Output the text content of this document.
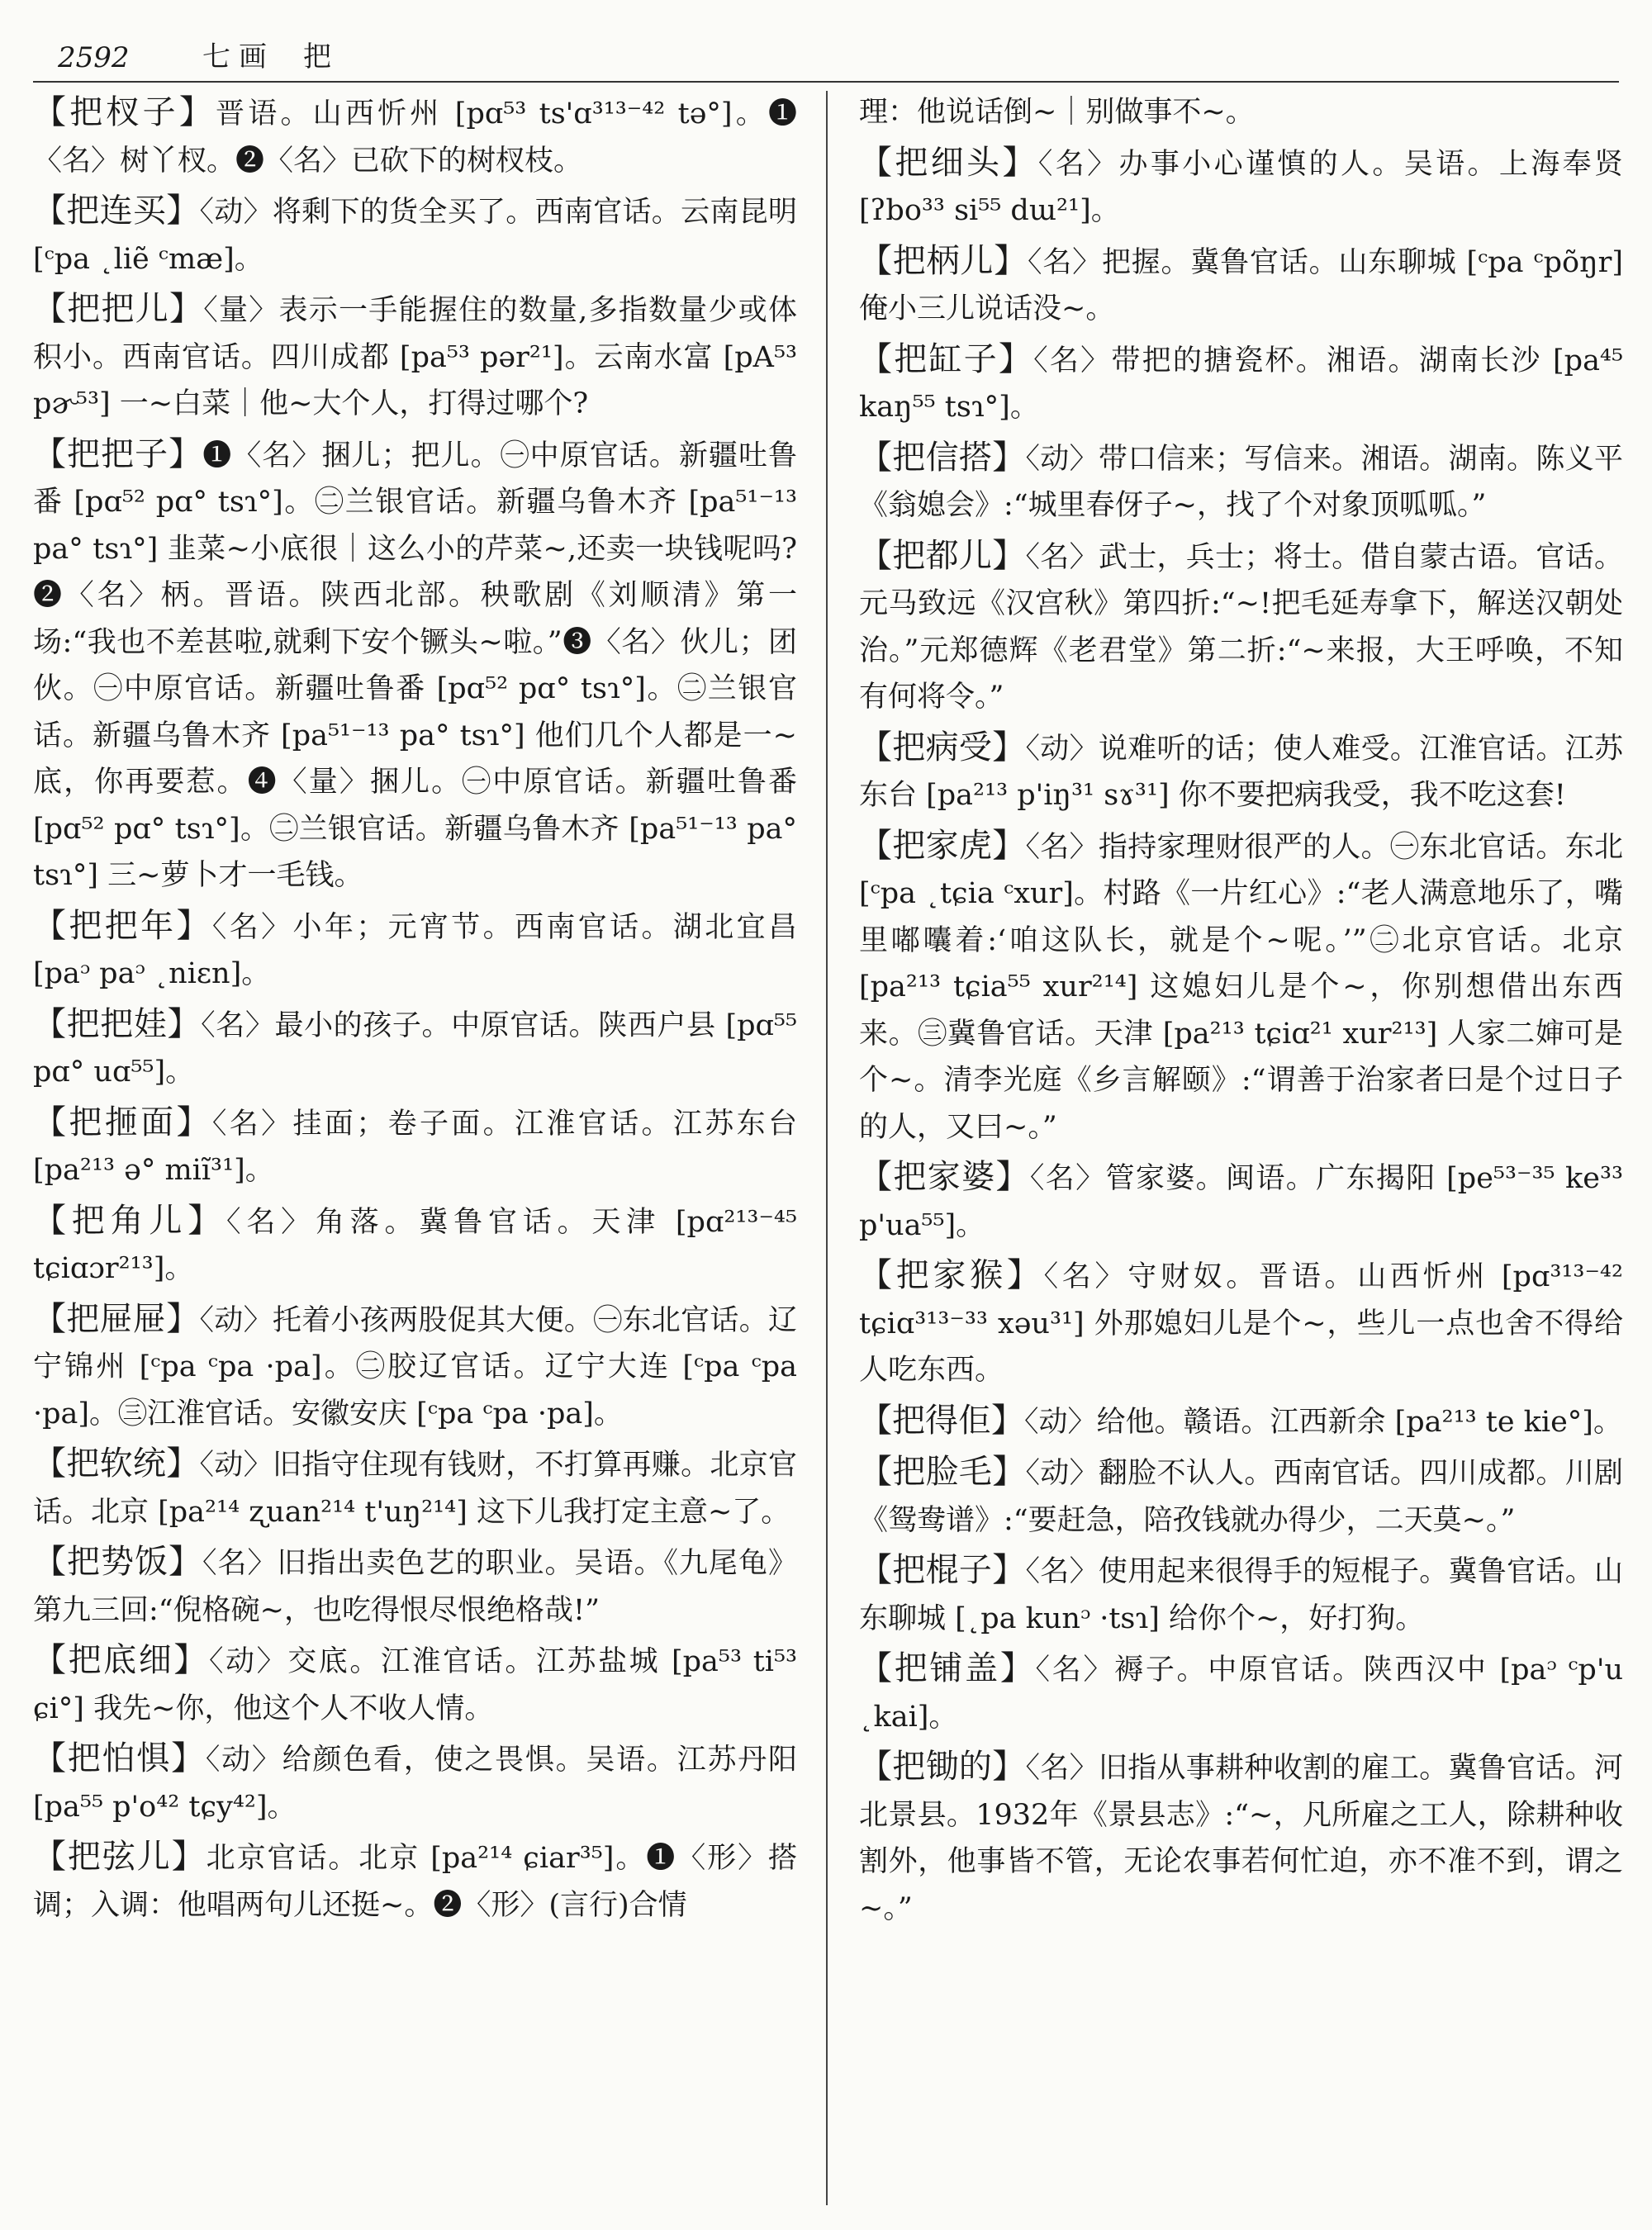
2592	七画 把

【把杈子】晋语。山西忻州 [pɑ⁵³ ts'ɑ³¹³⁻⁴² tə°]。❶〈名〉树丫杈。❷〈名〉已砍下的树杈枝。

【把连买】〈动〉将剩下的货全买了。西南官话。云南昆明 [ᶜpa ˛liẽ ᶜmæ]。

【把把儿】〈量〉表示一手能握住的数量,多指数量少或体积小。西南官话。四川成都 [pa⁵³ pər²¹]。云南水富 [pA⁵³ pɚ⁵³] 一~白菜｜他~大个人，打得过哪个?

【把把子】❶〈名〉捆儿；把儿。㊀中原官话。新疆吐鲁番 [pɑ⁵² pɑ° tsɿ°]。㊁兰银官话。新疆乌鲁木齐 [pa⁵¹⁻¹³ pa° tsɿ°] 韭菜~小底很｜这么小的芹菜~,还卖一块钱呢吗? ❷〈名〉柄。晋语。陕西北部。秧歌剧《刘顺清》第一场:“我也不差甚啦,就剩下安个镢头~啦。”❸〈名〉伙儿；团伙。㊀中原官话。新疆吐鲁番 [pɑ⁵² pɑ° tsɿ°]。㊁兰银官话。新疆乌鲁木齐 [pa⁵¹⁻¹³ pa° tsɿ°] 他们几个人都是一~底，你再要惹。❹〈量〉捆儿。㊀中原官话。新疆吐鲁番 [pɑ⁵² pɑ° tsɿ°]。㊁兰银官话。新疆乌鲁木齐 [pa⁵¹⁻¹³ pa° tsɿ°] 三~萝卜才一毛钱。

【把把年】〈名〉小年；元宵节。西南官话。湖北宜昌 [paᵓ paᵓ ˛niɛn]。

【把把娃】〈名〉最小的孩子。中原官话。陕西户县 [pɑ⁵⁵ pɑ° uɑ⁵⁵]。

【把㧜面】〈名〉挂面；卷子面。江淮官话。江苏东台 [pa²¹³ ə° miĩ³¹]。

【把角儿】〈名〉角落。冀鲁官话。天津 [pɑ²¹³⁻⁴⁵ tɕiɑɔr²¹³]。

【把屉屉】〈动〉托着小孩两股促其大便。㊀东北官话。辽宁锦州 [ᶜpa ᶜpa ·pa]。㊁胶辽官话。辽宁大连 [ᶜpa ᶜpa ·pa]。㊂江淮官话。安徽安庆 [ᶜpa ᶜpa ·pa]。

【把软统】〈动〉旧指守住现有钱财，不打算再赚。北京官话。北京 [pa²¹⁴ ʐuan²¹⁴ t'uŋ²¹⁴] 这下儿我打定主意~了。

【把势饭】〈名〉旧指出卖色艺的职业。吴语。《九尾龟》第九三回:“倪格碗~，也吃得恨尽恨绝格哉!”

【把底细】〈动〉交底。江淮官话。江苏盐城 [pa⁵³ ti⁵³ ɕi°] 我先~你，他这个人不收人情。

【把怕惧】〈动〉给颜色看，使之畏惧。吴语。江苏丹阳 [pa⁵⁵ p'o⁴² tɕy⁴²]。

【把弦儿】北京官话。北京 [pa²¹⁴ ɕiar³⁵]。❶〈形〉搭调；入调：他唱两句儿还挺~。❷〈形〉(言行)合情

理：他说话倒~｜别做事不~。

【把细头】〈名〉办事小心谨慎的人。吴语。上海奉贤 [ʔbo³³ si⁵⁵ dɯ²¹]。

【把柄儿】〈名〉把握。冀鲁官话。山东聊城 [ᶜpa ᶜpõŋr] 俺小三儿说话没~。

【把缸子】〈名〉带把的搪瓷杯。湘语。湖南长沙 [pa⁴⁵ kaŋ⁵⁵ tsɿ°]。

【把信搭】〈动〉带口信来；写信来。湘语。湖南。陈义平《翁媳会》:“城里春伢子~，找了个对象顶呱呱。”

【把都儿】〈名〉武士，兵士；将士。借自蒙古语。官话。元马致远《汉宫秋》第四折:“~!把毛延寿拿下，解送汉朝处治。”元郑德辉《老君堂》第二折:“~来报，大王呼唤，不知有何将令。”

【把病受】〈动〉说难听的话；使人难受。江淮官话。江苏东台 [pa²¹³ p'iŋ³¹ sɤ³¹] 你不要把病我受，我不吃这套!

【把家虎】〈名〉指持家理财很严的人。㊀东北官话。东北 [ᶜpa ˛tɕia ᶜxur]。村路《一片红心》:“老人满意地乐了，嘴里嘟囔着:‘咱这队长，就是个~呢。’”㊁北京官话。北京 [pa²¹³ tɕia⁵⁵ xur²¹⁴] 这媳妇儿是个~，你别想借出东西来。㊂冀鲁官话。天津 [pa²¹³ tɕiɑ²¹ xur²¹³] 人家二婶可是个~。清李光庭《乡言解颐》:“谓善于治家者曰是个过日子的人，又曰~。”

【把家婆】〈名〉管家婆。闽语。广东揭阳 [pe⁵³⁻³⁵ ke³³ p'ua⁵⁵]。

【把家猴】〈名〉守财奴。晋语。山西忻州 [pɑ³¹³⁻⁴² tɕiɑ³¹³⁻³³ xəu³¹] 外那媳妇儿是个~，些儿一点也舍不得给人吃东西。

【把得佢】〈动〉给他。赣语。江西新余 [pa²¹³ te kie°]。

【把脸毛】〈动〉翻脸不认人。西南官话。四川成都。川剧《鸳鸯谱》:“要赶急，陪孜钱就办得少，二天莫~。”

【把棍子】〈名〉使用起来很得手的短棍子。冀鲁官话。山东聊城 [˛pa kunᵓ ·tsɿ] 给你个~，好打狗。

【把铺盖】〈名〉褥子。中原官话。陕西汉中 [paᵓ ᶜp'u ˛kai]。

【把锄的】〈名〉旧指从事耕种收割的雇工。冀鲁官话。河北景县。1932年《景县志》:“~，凡所雇之工人，除耕种收割外，他事皆不管，无论农事若何忙迫，亦不准不到，谓之~。”
